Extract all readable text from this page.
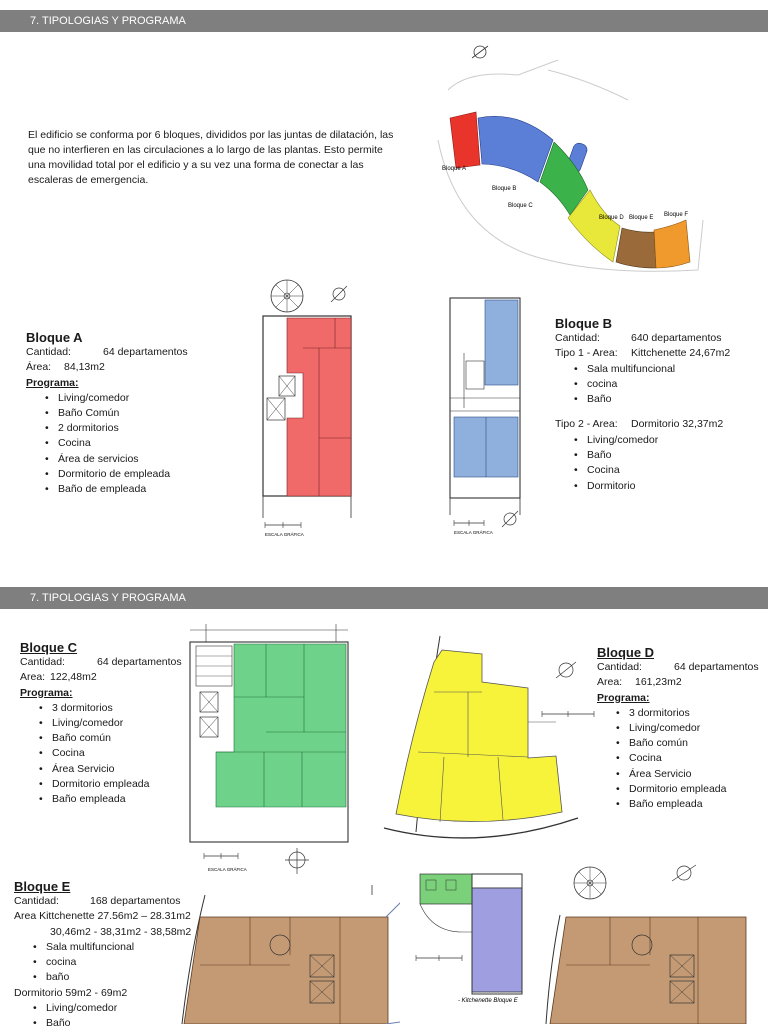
7. TIPOLOGIAS Y PROGRAMA
El edificio se conforma por 6 bloques, divididos por las juntas de dilatación, las que no interfieren en las circulaciones a lo largo de las plantas. Esto permite una movilidad total por el edificio y a su vez una forma de conectar a las escaleras de emergencia.
Bloque A
Bloque B
Bloque C
Bloque D Bloque E Bloque F
Bloque A
Cantidad:	64 departamentos
Área: 84,13m2
Programa:
• Living/comedor
• Baño Común
• 2 dormitorios
• Cocina
• Área de servicios
• Dormitorio de empleada
• Baño de empleada
ESCALA GRÁFICA	ESCALA GRÁFICA
Bloque B
Cantidad:	640 departamentos
Tipo 1 - Area: Kittchenette 24,67m2
• Sala multifuncional
• cocina
• Baño
Tipo 2 - Area: Dormitorio 32,37m2
• Living/comedor
• Baño
• Cocina
• Dormitorio
7. TIPOLOGIAS Y PROGRAMA
Bloque C
Cantidad:	64 departamentos
Area: 122,48m2
Programa:
• 3 dormitorios
• Living/comedor
• Baño común
• Cocina
• Área Servicio
• Dormitorio empleada
• Baño empleada
ESCALA GRÁFICA
Bloque D
Cantidad:	64 departamentos
Area: 161,23m2
Programa:
• 3 dormitorios
• Living/comedor
• Baño común
• Cocina
• Área Servicio
• Dormitorio empleada
• Baño empleada
Bloque E
Cantidad:	168 departamentos
Area Kittchenette 27.56m2 – 28.31m2
30,46m2 - 38,31m2 - 38,58m2
• Sala multifuncional
• cocina
• baño
Dormitorio 59m2 - 69m2
• Living/comedor
• Baño
- Kitchenette Bloque E
